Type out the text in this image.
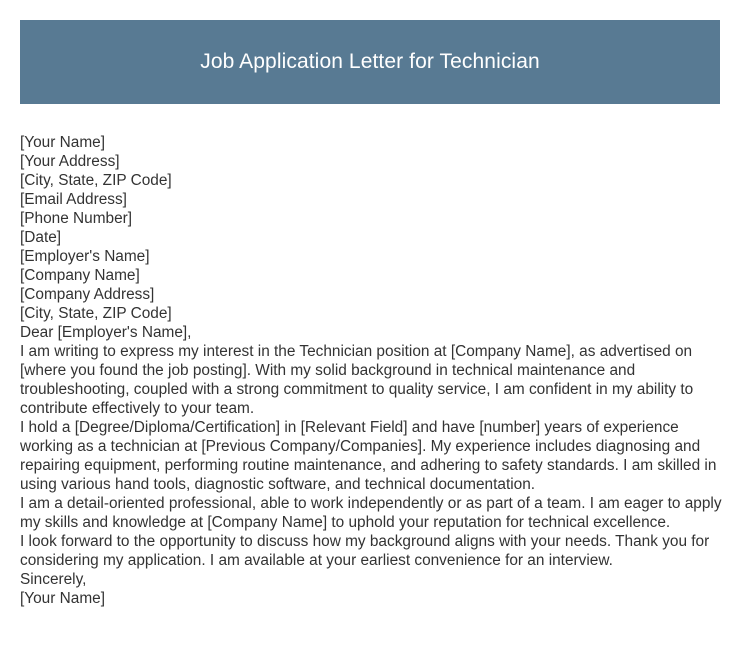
Job Application Letter for Technician
[Your Name]
[Your Address]
[City, State, ZIP Code]
[Email Address]
[Phone Number]
[Date]
[Employer's Name]
[Company Name]
[Company Address]
[City, State, ZIP Code]
Dear [Employer's Name],

I am writing to express my interest in the Technician position at [Company Name], as advertised on [where you found the job posting]. With my solid background in technical maintenance and troubleshooting, coupled with a strong commitment to quality service, I am confident in my ability to contribute effectively to your team.

I hold a [Degree/Diploma/Certification] in [Relevant Field] and have [number] years of experience working as a technician at [Previous Company/Companies]. My experience includes diagnosing and repairing equipment, performing routine maintenance, and adhering to safety standards. I am skilled in using various hand tools, diagnostic software, and technical documentation.

I am a detail-oriented professional, able to work independently or as part of a team. I am eager to apply my skills and knowledge at [Company Name] to uphold your reputation for technical excellence.

I look forward to the opportunity to discuss how my background aligns with your needs. Thank you for considering my application. I am available at your earliest convenience for an interview.

Sincerely,
[Your Name]
